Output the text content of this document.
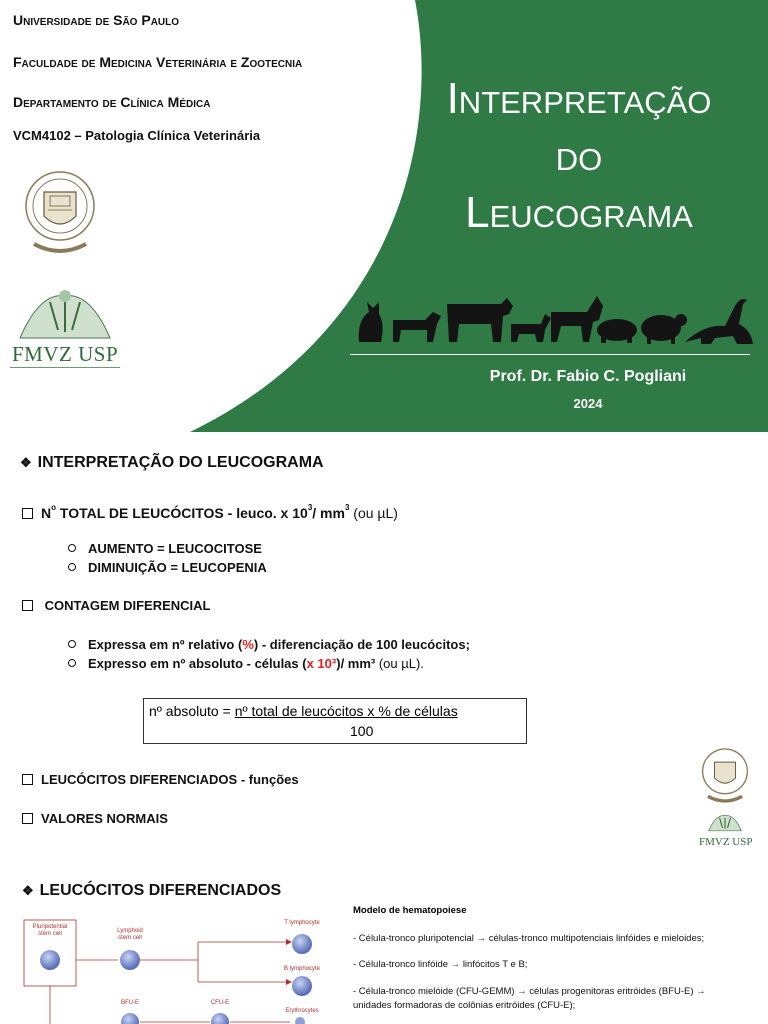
Universidade de São Paulo
Faculdade de Medicina Veterinária e Zootecnia
Departamento de Clínica Médica
VCM4102 – Patologia Clínica Veterinária
FMVZ USP
Interpretação
do
Leucograma
Prof. Dr. Fabio C. Pogliani
2024
❖ INTERPRETAÇÃO DO LEUCOGRAMA
$N^o$ TOTAL DE LEUCÓCITOS - leuco. x $10^3/$ $mm^3$ (ou µL)
AUMENTO = LEUCOCITOSE
DIMINUIÇÃO = LEUCOPENIA
CONTAGEM DIFERENCIAL
Expressa em nº relativo (%) - diferenciação de 100 leucócitos;
Expresso em nº absoluto - células (x 10³)/ mm³ (ou µL).
nº absoluto = nº total de leucócitos x % de células
100
LEUCÓCITOS DIFERENCIADOS - funções
VALORES NORMAIS
FMVZ USP
❖ LEUCÓCITOS DIFERENCIADOS
Pluripotential
stem cell	Lymphoid
stem cell
T lymphocyte
B lymphocyte
BFU-E	CFU-E
Erythrocytes
Modelo de hematopoiese
- Célula-tronco pluripotencial → células-tronco multipotenciais linfóides e mieloides;
- Célula-tronco linfóide → linfócitos T e B;
- Célula-tronco mielóide (CFU-GEMM) → células progenitoras eritróides (BFU-E) →
unidades formadoras de colônias eritróides (CFU-E);
